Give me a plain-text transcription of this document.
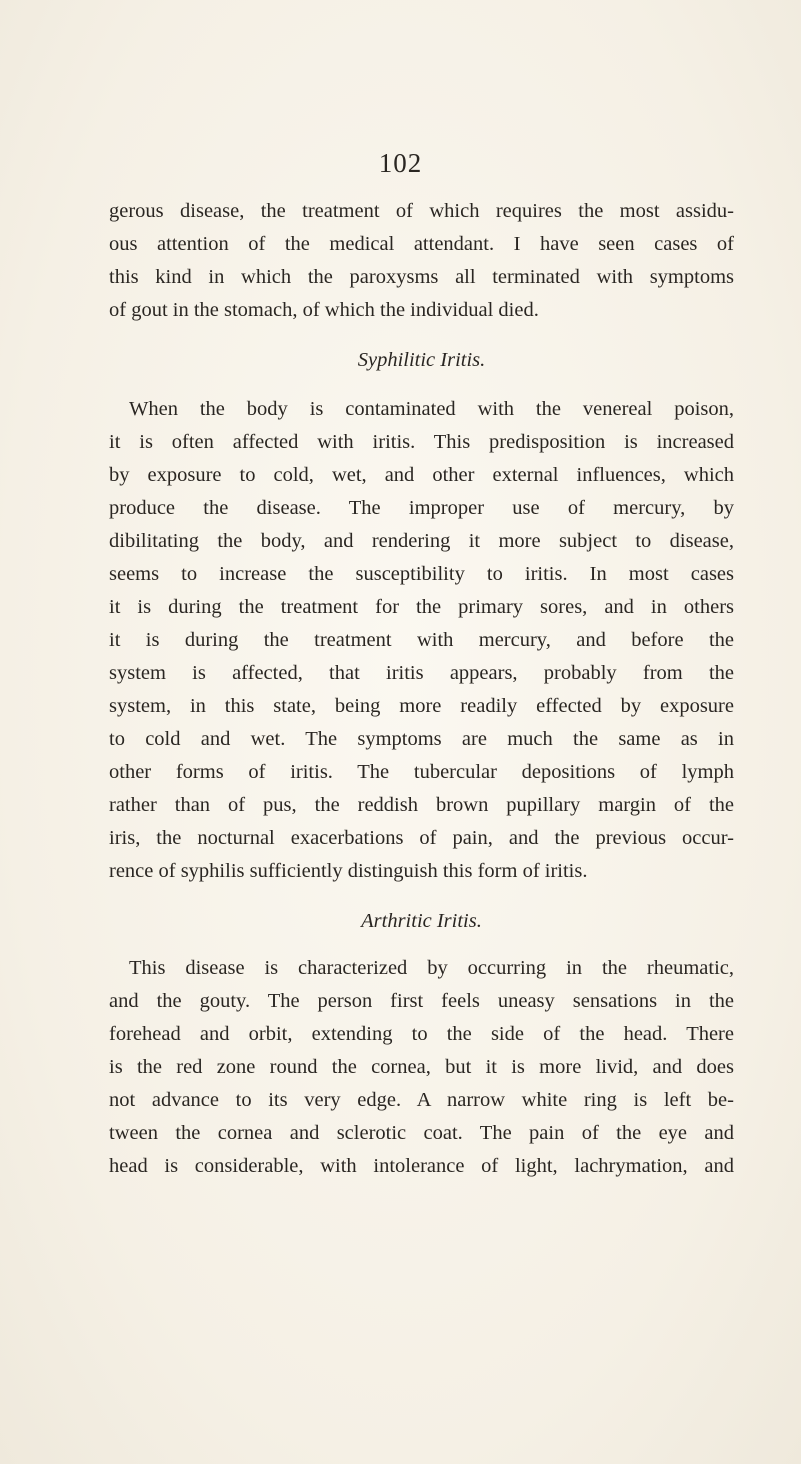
102
gerous disease, the treatment of which requires the most assidu-
ous attention of the medical attendant. I have seen cases of
this kind in which the paroxysms all terminated with symptoms
of gout in the stomach, of which the individual died.
Syphilitic Iritis.
When the body is contaminated with the venereal poison,
it is often affected with iritis. This predisposition is increased
by exposure to cold, wet, and other external influences, which
produce the disease. The improper use of mercury, by
dibilitating the body, and rendering it more subject to disease,
seems to increase the susceptibility to iritis. In most cases
it is during the treatment for the primary sores, and in others
it is during the treatment with mercury, and before the
system is affected, that iritis appears, probably from the
system, in this state, being more readily effected by exposure
to cold and wet. The symptoms are much the same as in
other forms of iritis. The tubercular depositions of lymph
rather than of pus, the reddish brown pupillary margin of the
iris, the nocturnal exacerbations of pain, and the previous occur-
rence of syphilis sufficiently distinguish this form of iritis.
Arthritic Iritis.
This disease is characterized by occurring in the rheumatic,
and the gouty. The person first feels uneasy sensations in the
forehead and orbit, extending to the side of the head. There
is the red zone round the cornea, but it is more livid, and does
not advance to its very edge. A narrow white ring is left be-
tween the cornea and sclerotic coat. The pain of the eye and
head is considerable, with intolerance of light, lachrymation, and
